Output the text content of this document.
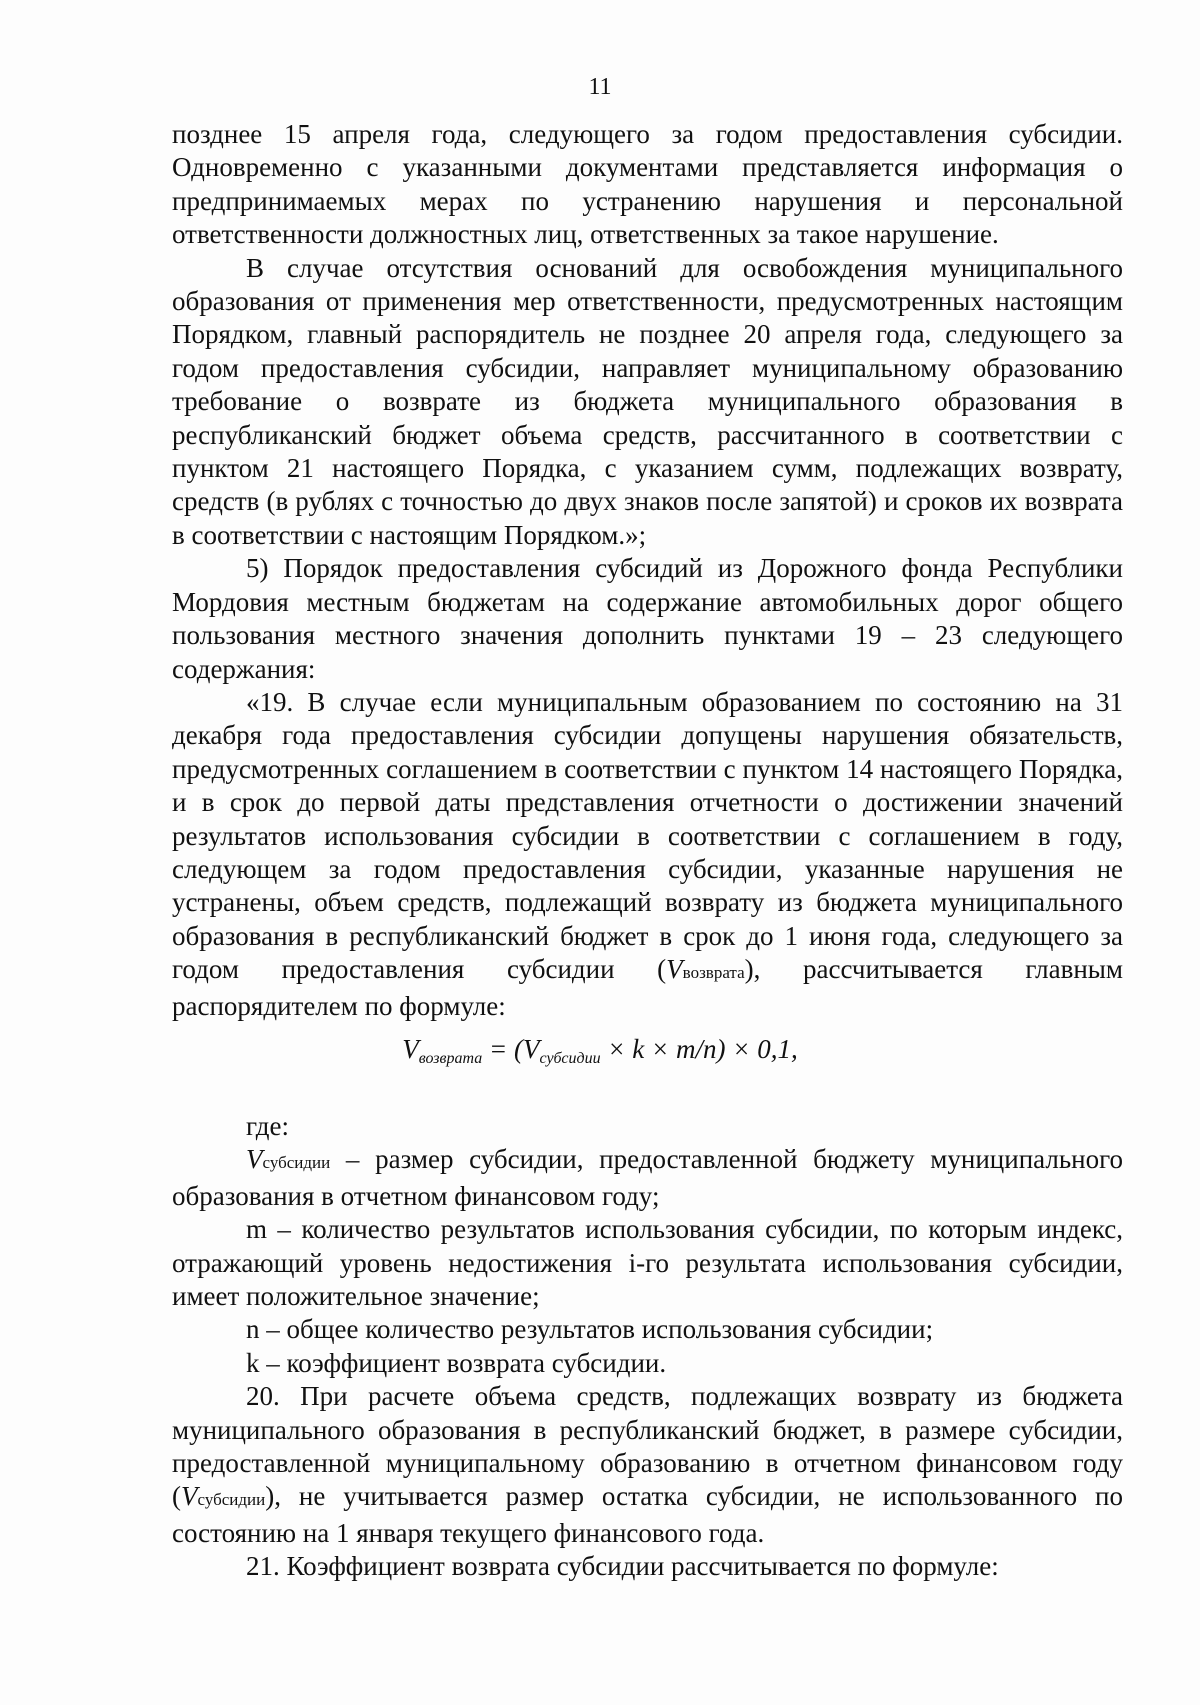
11

позднее 15 апреля года, следующего за годом предоставления субсидии. Одновременно с указанными документами представляется информация о предпринимаемых мерах по устранению нарушения и персональной ответственности должностных лиц, ответственных за такое нарушение.

В случае отсутствия оснований для освобождения муниципального образования от применения мер ответственности, предусмотренных настоящим Порядком, главный распорядитель не позднее 20 апреля года, следующего за годом предоставления субсидии, направляет муниципальному образованию требование о возврате из бюджета муниципального образования в республиканский бюджет объема средств, рассчитанного в соответствии с пунктом 21 настоящего Порядка, с указанием сумм, подлежащих возврату, средств (в рублях с точностью до двух знаков после запятой) и сроков их возврата в соответствии с настоящим Порядком.»;

5) Порядок предоставления субсидий из Дорожного фонда Республики Мордовия местным бюджетам на содержание автомобильных дорог общего пользования местного значения дополнить пунктами 19 – 23 следующего содержания:

«19. В случае если муниципальным образованием по состоянию на 31 декабря года предоставления субсидии допущены нарушения обязательств, предусмотренных соглашением в соответствии с пунктом 14 настоящего Порядка, и в срок до первой даты представления отчетности о достижении значений результатов использования субсидии в соответствии с соглашением в году, следующем за годом предоставления субсидии, указанные нарушения не устранены, объем средств, подлежащий возврату из бюджета муниципального образования в республиканский бюджет в срок до 1 июня года, следующего за годом предоставления субсидии (Vвозврата), рассчитывается главным распорядителем по формуле:

$V_{возврата} = (V_{субсидии} \times k \times m/n) \times 0,1$,

где:

Vсубсидии – размер субсидии, предоставленной бюджету муниципального образования в отчетном финансовом году;

m – количество результатов использования субсидии, по которым индекс, отражающий уровень недостижения i-го результата использования субсидии, имеет положительное значение;

n – общее количество результатов использования субсидии;

k – коэффициент возврата субсидии.

20. При расчете объема средств, подлежащих возврату из бюджета муниципального образования в республиканский бюджет, в размере субсидии, предоставленной муниципальному образованию в отчетном финансовом году (Vсубсидии), не учитывается размер остатка субсидии, не использованного по состоянию на 1 января текущего финансового года.

21. Коэффициент возврата субсидии рассчитывается по формуле:
